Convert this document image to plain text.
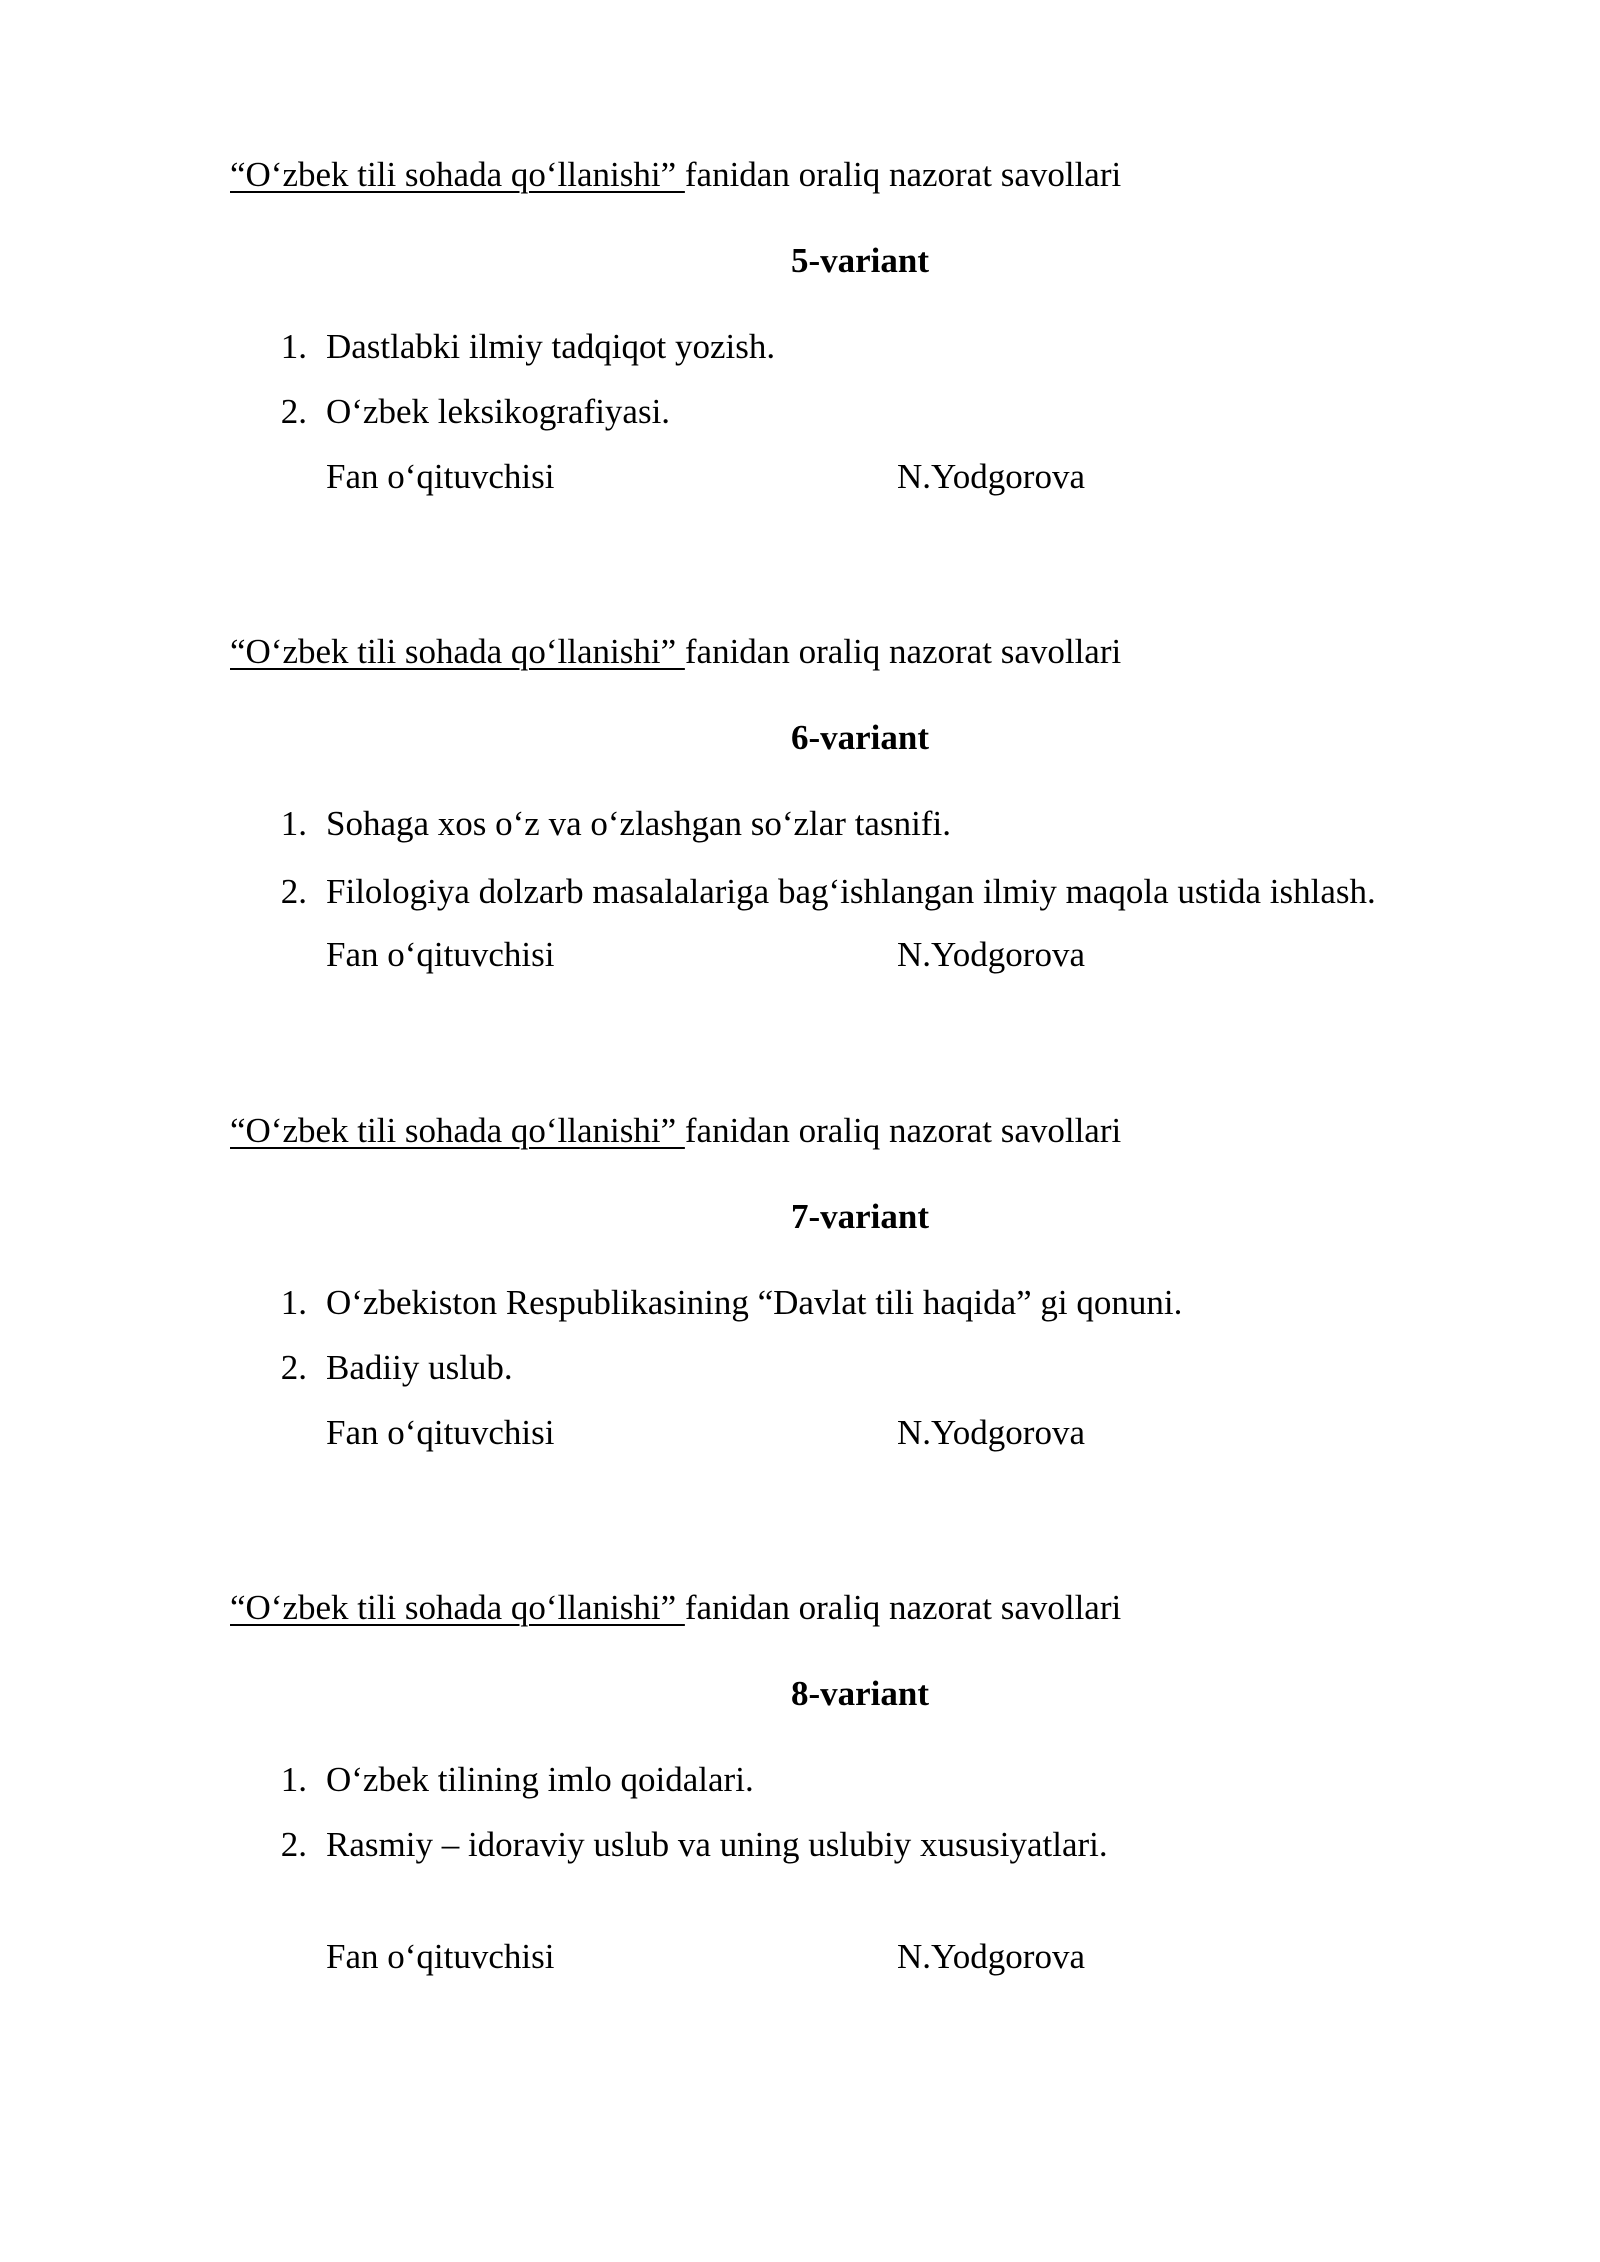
“O‘zbek tili sohada qo‘llanishi” fanidan oraliq nazorat savollari
5-variant
1. Dastlabki ilmiy tadqiqot yozish.
2. O‘zbek leksikografiyasi.
Fan o‘qituvchisi	N.Yodgorova
“O‘zbek tili sohada qo‘llanishi” fanidan oraliq nazorat savollari
6-variant
1. Sohaga xos o‘z va o‘zlashgan so‘zlar tasnifi.
2. Filologiya dolzarb masalalariga bag‘ishlangan ilmiy maqola ustida ishlash.
Fan o‘qituvchisi	N.Yodgorova
“O‘zbek tili sohada qo‘llanishi” fanidan oraliq nazorat savollari
7-variant
1. O‘zbekiston Respublikasining “Davlat tili haqida” gi qonuni.
2. Badiiy uslub.
Fan o‘qituvchisi	N.Yodgorova
“O‘zbek tili sohada qo‘llanishi” fanidan oraliq nazorat savollari
8-variant
1. O‘zbek tilining imlo qoidalari.
2. Rasmiy – idoraviy uslub va uning uslubiy xususiyatlari.
Fan o‘qituvchisi	N.Yodgorova
